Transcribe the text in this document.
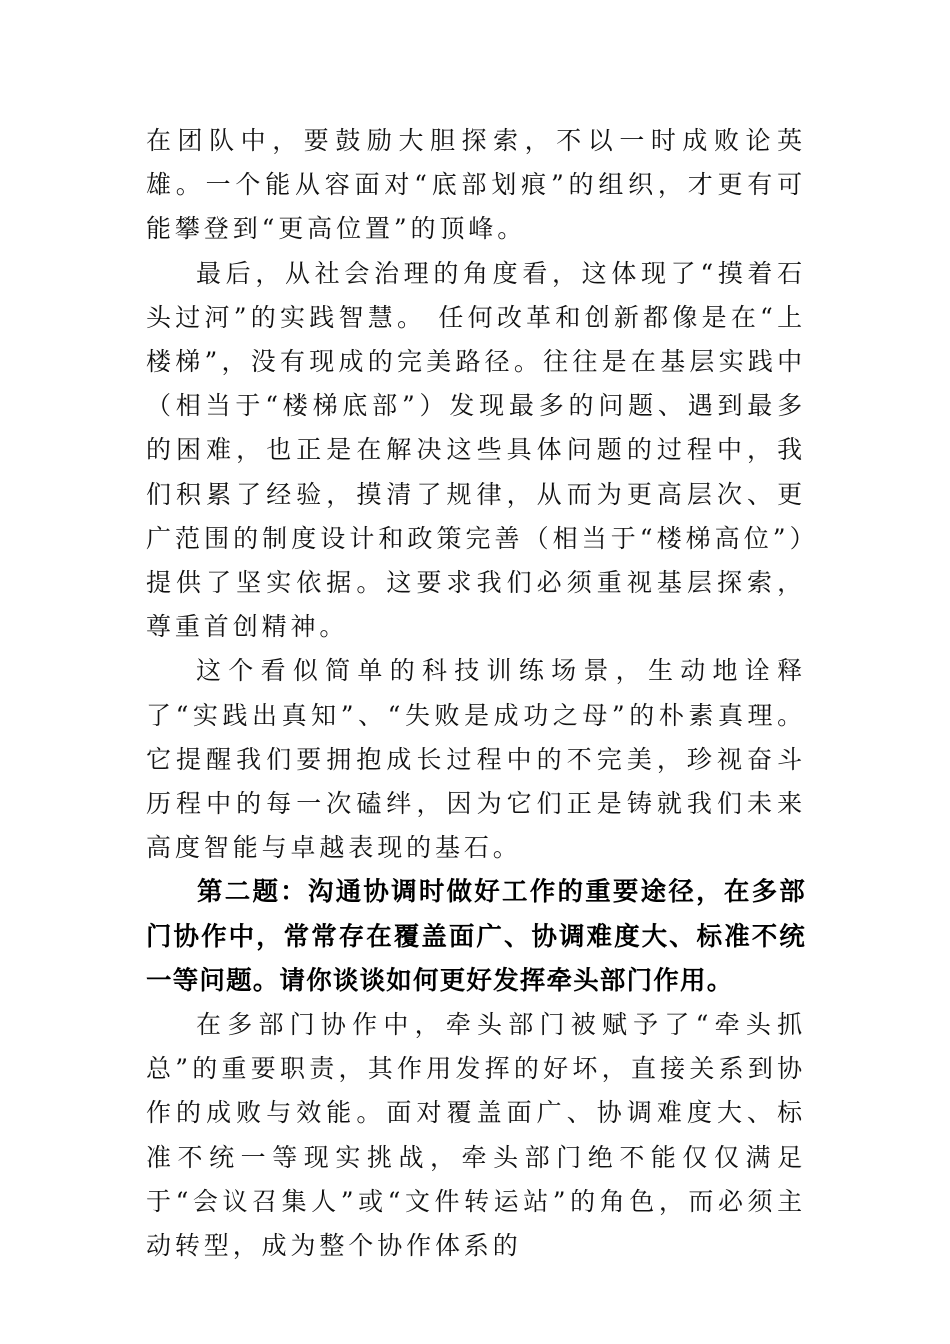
在团队中，要鼓励大胆探索，不以一时成败论英雄。一个能从容面对“底部划痕”的组织，才更有可能攀登到“更高位置”的顶峰。

最后，从社会治理的角度看，这体现了“摸着石头过河”的实践智慧。 任何改革和创新都像是在“上楼梯”，没有现成的完美路径。往往是在基层实践中（相当于“楼梯底部”）发现最多的问题、遇到最多的困难，也正是在解决这些具体问题的过程中，我们积累了经验，摸清了规律，从而为更高层次、更广范围的制度设计和政策完善（相当于“楼梯高位”）提供了坚实依据。这要求我们必须重视基层探索，尊重首创精神。

这个看似简单的科技训练场景，生动地诠释了“实践出真知”、“失败是成功之母”的朴素真理。它提醒我们要拥抱成长过程中的不完美，珍视奋斗历程中的每一次磕绊，因为它们正是铸就我们未来高度智能与卓越表现的基石。

第二题：沟通协调时做好工作的重要途径，在多部门协作中，常常存在覆盖面广、协调难度大、标准不统一等问题。请你谈谈如何更好发挥牵头部门作用。

在多部门协作中，牵头部门被赋予了“牵头抓总”的重要职责，其作用发挥的好坏，直接关系到协作的成败与效能。面对覆盖面广、协调难度大、标准不统一等现实挑战，牵头部门绝不能仅仅满足于“会议召集人”或“文件转运站”的角色，而必须主动转型，成为整个协作体系的
